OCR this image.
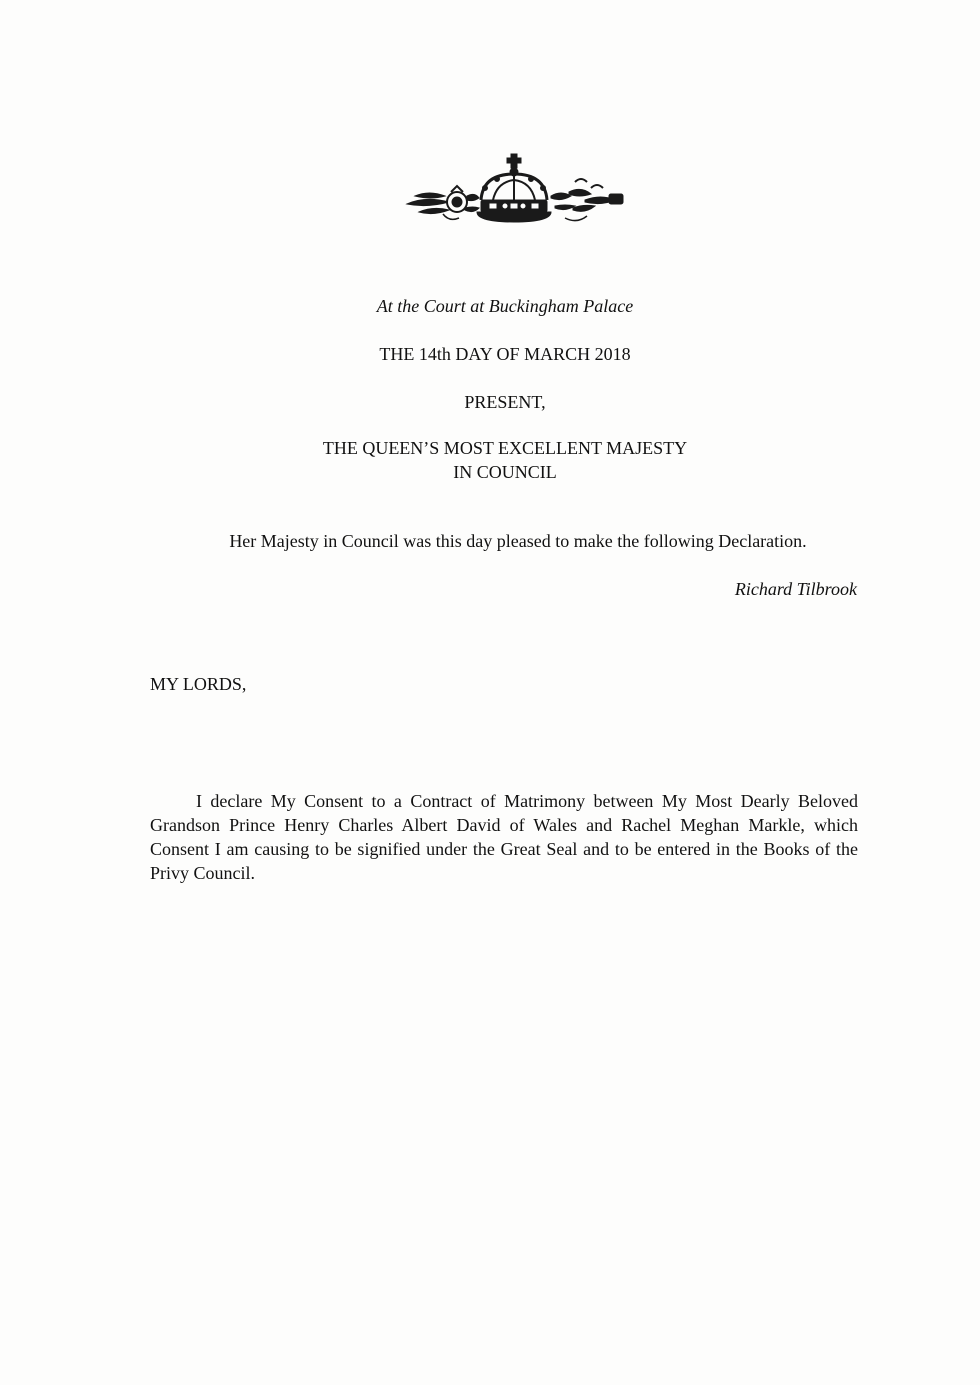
At the Court at Buckingham Palace
THE 14th DAY OF MARCH 2018
PRESENT,
THE QUEEN’S MOST EXCELLENT MAJESTY
IN COUNCIL
Her Majesty in Council was this day pleased to make the following Declaration.
Richard Tilbrook
MY LORDS,
I declare My Consent to a Contract of Matrimony between My Most Dearly Beloved Grandson Prince Henry Charles Albert David of Wales and Rachel Meghan Markle, which Consent I am causing to be signified under the Great Seal and to be entered in the Books of the Privy Council.
